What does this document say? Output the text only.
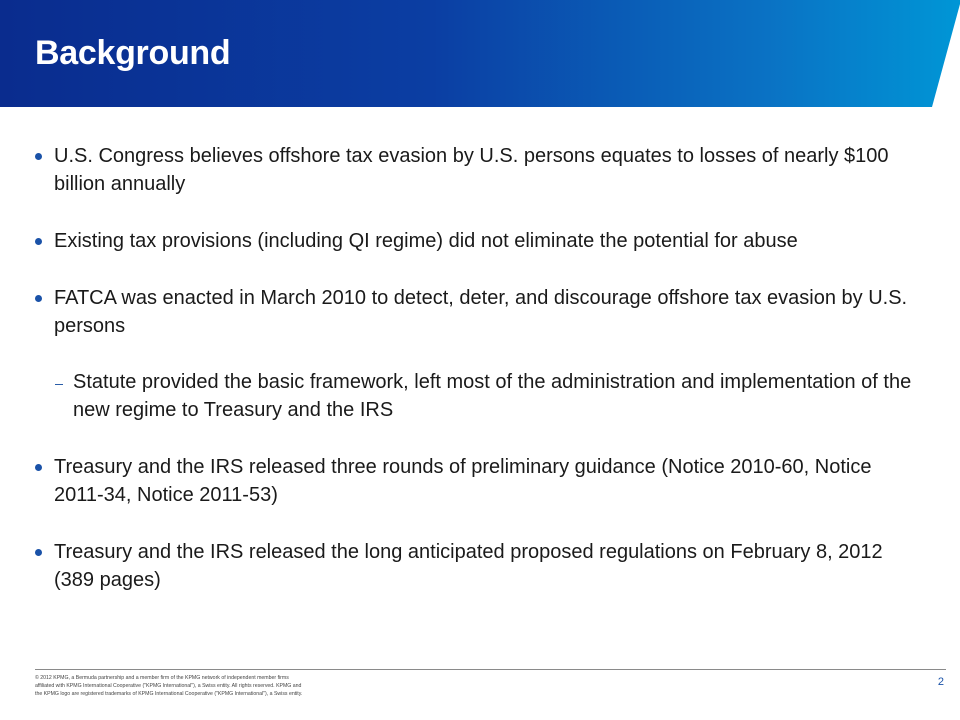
Background
U.S. Congress believes offshore tax evasion by U.S. persons equates to losses of nearly $100 billion annually
Existing tax provisions (including QI regime) did not eliminate the potential for abuse
FATCA was enacted in March 2010 to detect, deter, and discourage offshore tax evasion by U.S. persons
Statute provided the basic framework, left most of the administration and implementation of the new regime to Treasury and the IRS
Treasury and the IRS released three rounds of preliminary guidance (Notice 2010-60, Notice 2011-34, Notice 2011-53)
Treasury and the IRS released the long anticipated proposed regulations on February 8, 2012 (389 pages)
© 2012 KPMG, a Bermuda partnership and a member firm of the KPMG network of independent member firms
affiliated with KPMG International Cooperative ("KPMG International"), a Swiss entity. All rights reserved. KPMG and
the KPMG logo are registered trademarks of KPMG International Cooperative ("KPMG International"), a Swiss entity.
2
